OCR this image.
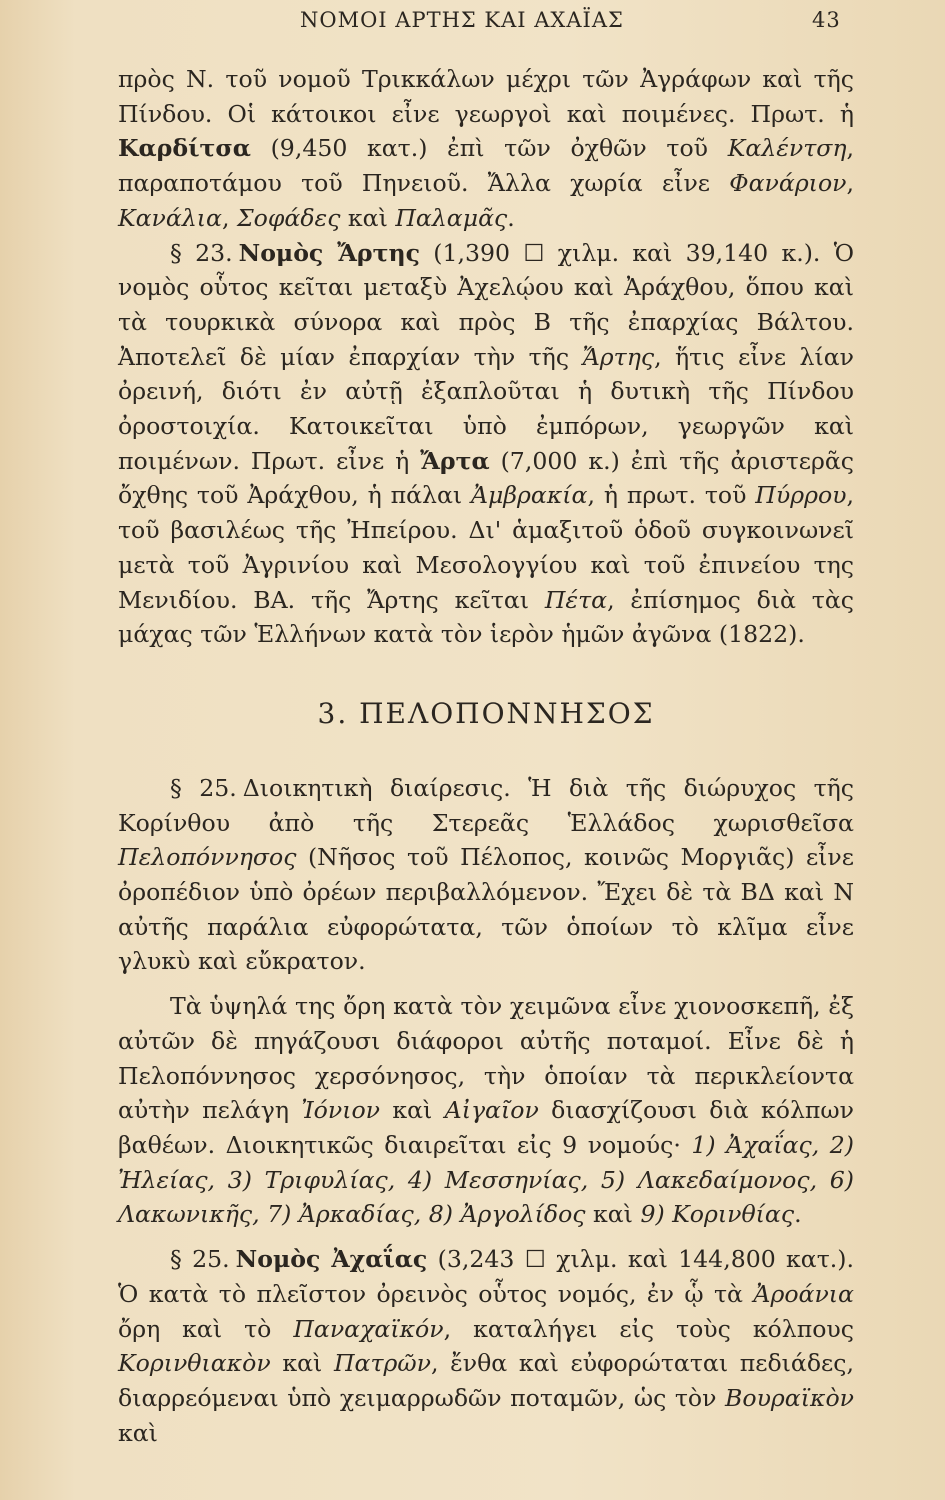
ΝΟΜΟΙ ΑΡΤΗΣ ΚΑΙ ΑΧΑΪΑΣ	43

πρὸς Ν. τοῦ νομοῦ Τρικκάλων μέχρι τῶν Ἀγράφων καὶ τῆς Πίνδου. Οἱ κάτοικοι εἶνε γεωργοὶ καὶ ποιμένες. Πρωτ. ἡ Καρδίτσα (9,450 κατ.) ἐπὶ τῶν ὀχθῶν τοῦ Καλέντση, παραποτάμου τοῦ Πηνειοῦ. Ἄλλα χωρία εἶνε Φανάριον, Κανάλια, Σοφάδες καὶ Παλαμᾶς.

§ 23. Νομὸς Ἄρτης (1,390 ☐ χιλμ. καὶ 39,140 κ.). Ὁ νομὸς οὗτος κεῖται μεταξὺ Ἀχελῴου καὶ Ἀράχθου, ὅπου καὶ τὰ τουρκικὰ σύνορα καὶ πρὸς Β τῆς ἐπαρχίας Βάλτου. Ἀποτελεῖ δὲ μίαν ἐπαρχίαν τὴν τῆς Ἄρτης, ἥτις εἶνε λίαν ὀρεινή, διότι ἐν αὐτῇ ἐξαπλοῦται ἡ δυτικὴ τῆς Πίνδου ὀροστοιχία. Κατοικεῖται ὑπὸ ἐμπόρων, γεωργῶν καὶ ποιμένων. Πρωτ. εἶνε ἡ Ἄρτα (7,000 κ.) ἐπὶ τῆς ἀριστερᾶς ὄχθης τοῦ Ἀράχθου, ἡ πάλαι Ἀμβρακία, ἡ πρωτ. τοῦ Πύρρου, τοῦ βασιλέως τῆς Ἠπείρου. Δι' ἁμαξιτοῦ ὁδοῦ συγκοινωνεῖ μετὰ τοῦ Ἀγρινίου καὶ Μεσολογγίου καὶ τοῦ ἐπινείου της Μενιδίου. ΒΑ. τῆς Ἄρτης κεῖται Πέτα, ἐπίσημος διὰ τὰς μάχας τῶν Ἑλλήνων κατὰ τὸν ἱερὸν ἡμῶν ἀγῶνα (1822).

3. ΠΕΛΟΠΟΝΝΗΣΟΣ

§ 25. Διοικητικὴ διαίρεσις. Ἡ διὰ τῆς διώρυχος τῆς Κορίνθου ἀπὸ τῆς Στερεᾶς Ἑλλάδος χωρισθεῖσα Πελοπόννησος (Νῆσος τοῦ Πέλοπος, κοινῶς Μοργιᾶς) εἶνε ὀροπέδιον ὑπὸ ὀρέων περιβαλλόμενον. Ἔχει δὲ τὰ ΒΔ καὶ Ν αὐτῆς παράλια εὐφορώτατα, τῶν ὁποίων τὸ κλῖμα εἶνε γλυκὺ καὶ εὔκρατον.

Τὰ ὑψηλά της ὄρη κατὰ τὸν χειμῶνα εἶνε χιονοσκεπῆ, ἐξ αὐτῶν δὲ πηγάζουσι διάφοροι αὐτῆς ποταμοί. Εἶνε δὲ ἡ Πελοπόννησος χερσόνησος, τὴν ὁποίαν τὰ περικλείοντα αὐτὴν πελάγη Ἰόνιον καὶ Αἰγαῖον διασχίζουσι διὰ κόλπων βαθέων. Διοικητικῶς διαιρεῖται εἰς 9 νομούς· 1) Ἀχαΐας, 2) Ἠλείας, 3) Τριφυλίας, 4) Μεσσηνίας, 5) Λακεδαίμονος, 6) Λακωνικῆς, 7) Ἀρκαδίας, 8) Ἀργολίδος καὶ 9) Κορινθίας.

§ 25. Νομὸς Ἀχαΐας (3,243 ☐ χιλμ. καὶ 144,800 κατ.). Ὁ κατὰ τὸ πλεῖστον ὀρεινὸς οὗτος νομός, ἐν ᾧ τὰ Ἀροάνια ὄρη καὶ τὸ Παναχαϊκόν, καταλήγει εἰς τοὺς κόλπους Κορινθιακὸν καὶ Πατρῶν, ἔνθα καὶ εὐφορώταται πεδιάδες, διαρρεόμεναι ὑπὸ χειμαρρωδῶν ποταμῶν, ὡς τὸν Βουραϊκὸν καὶ
